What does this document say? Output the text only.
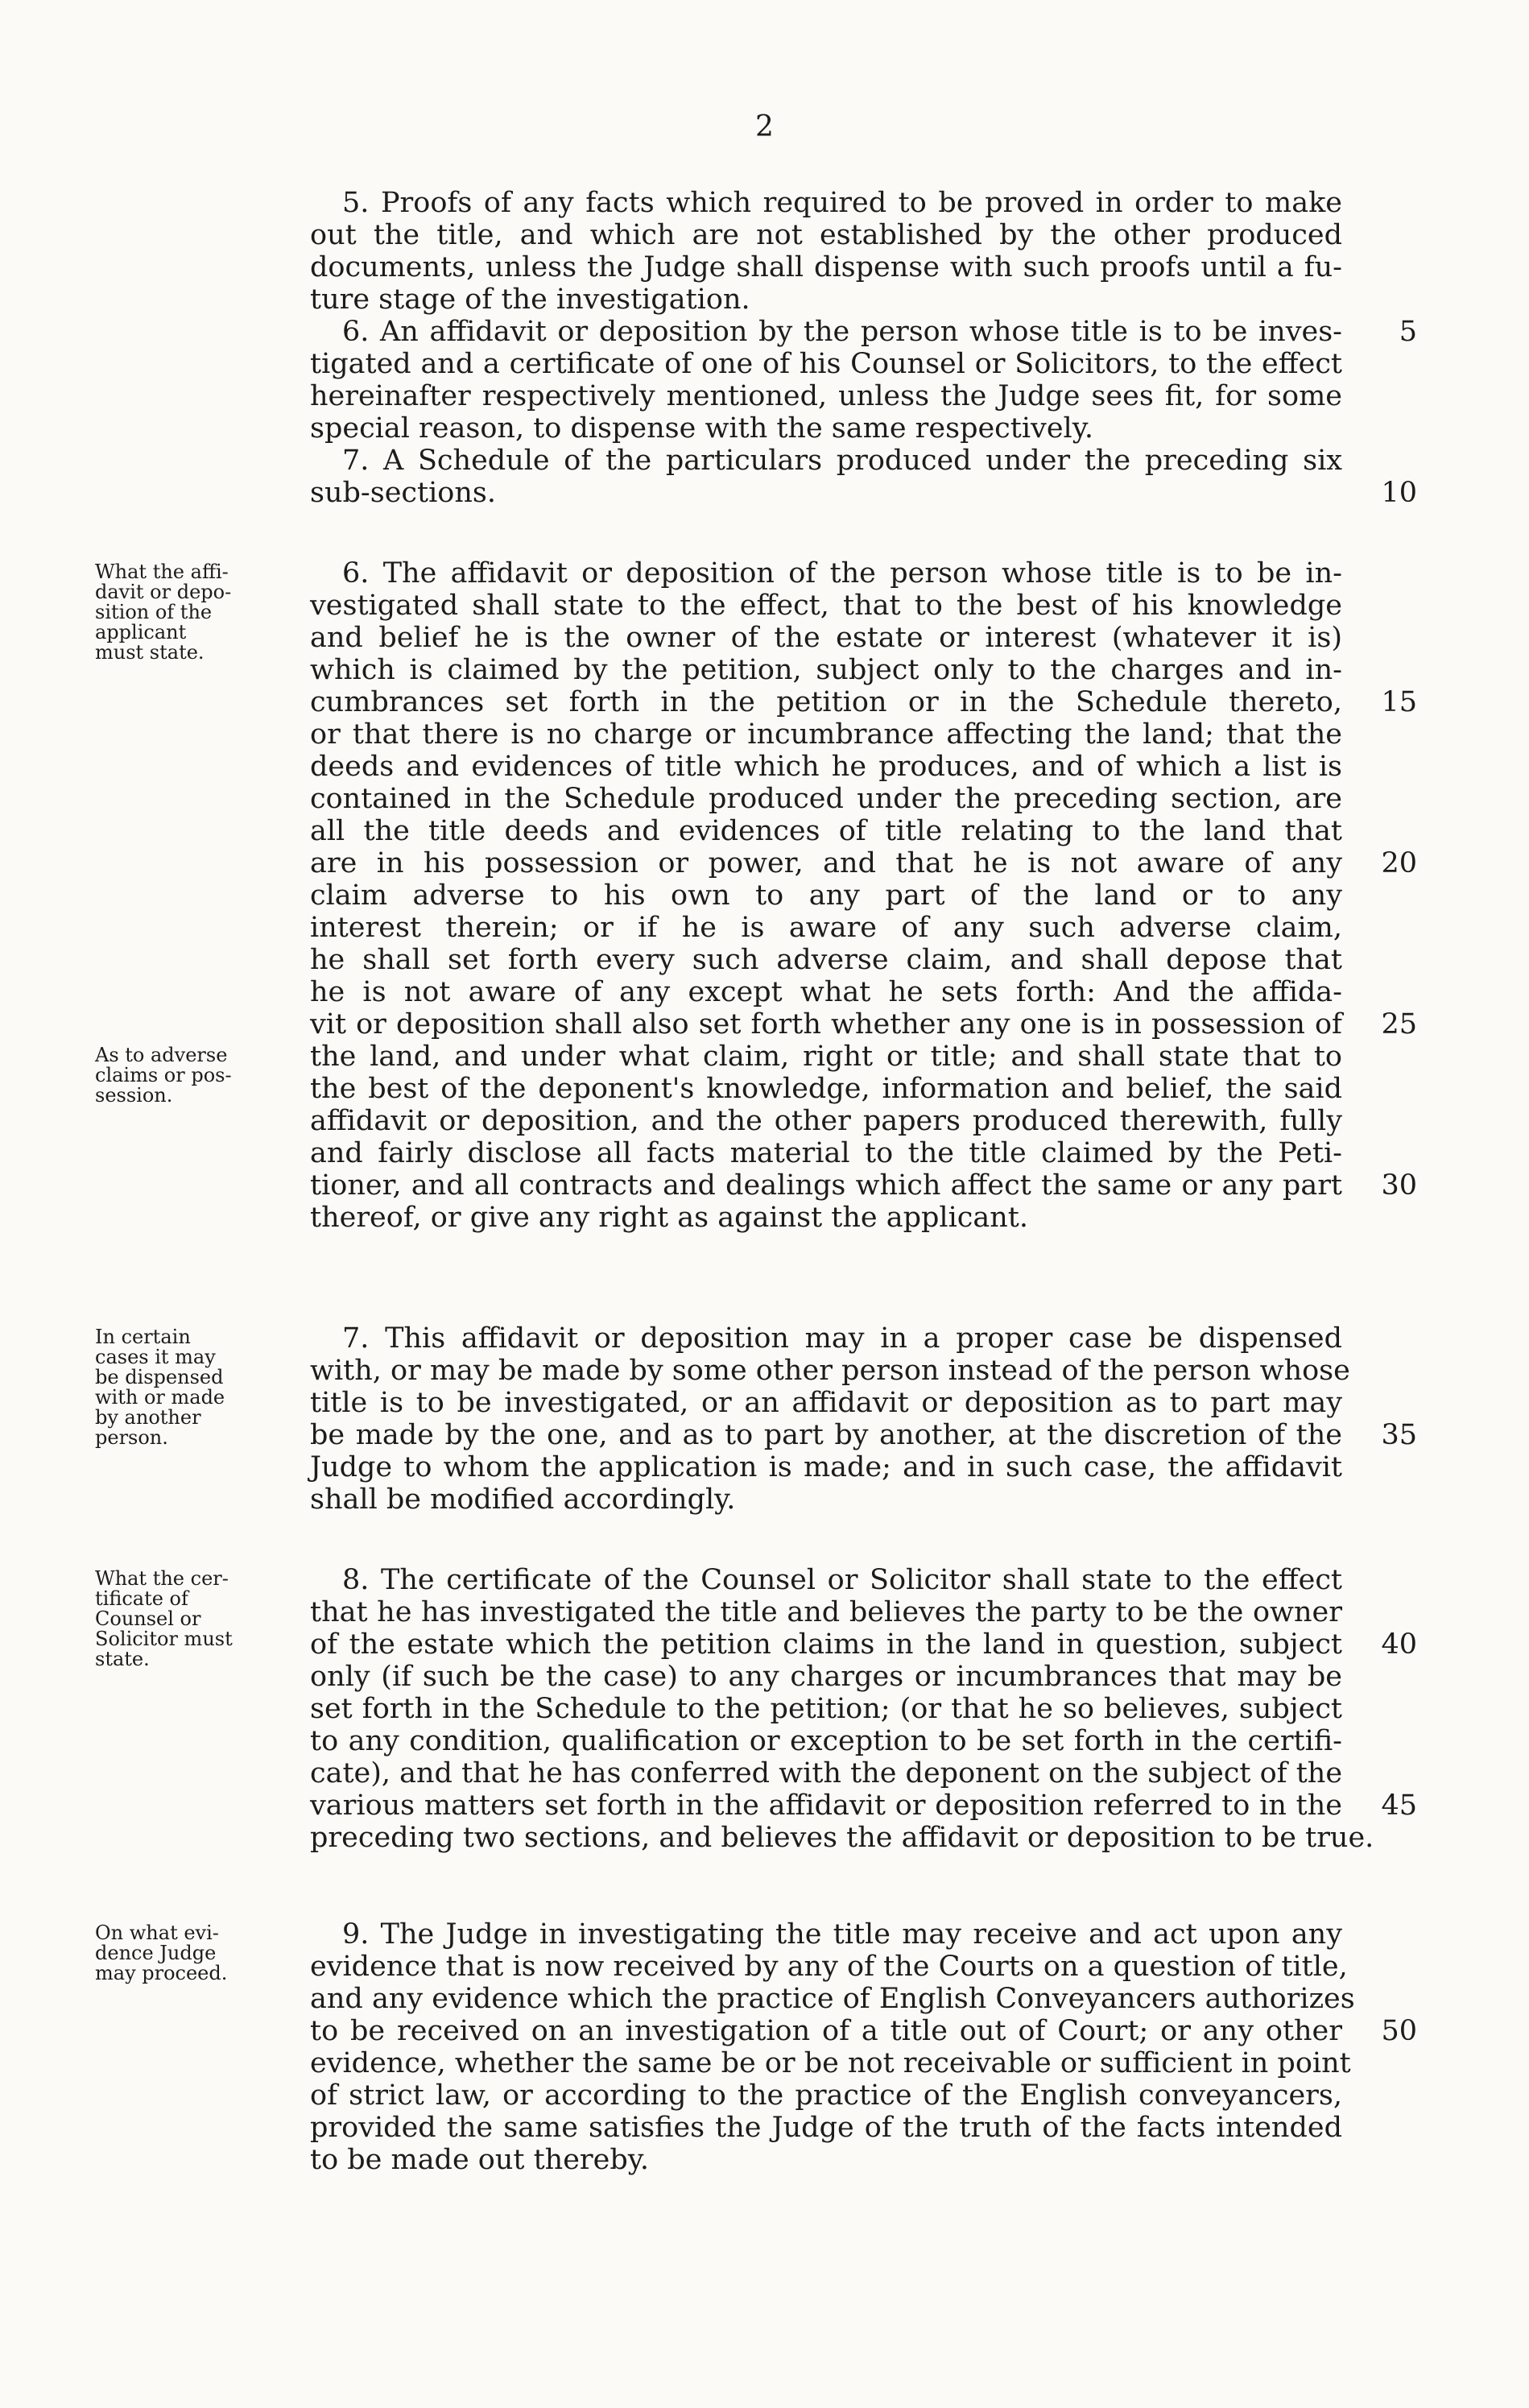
2
5. Proofs of any facts which required to be proved in order to make
out the title, and which are not established by the other produced
documents, unless the Judge shall dispense with such proofs until a fu-
ture stage of the investigation.
6. An affidavit or deposition by the person whose title is to be inves-
tigated and a certificate of one of his Counsel or Solicitors, to the effect
hereinafter respectively mentioned, unless the Judge sees fit, for some
special reason, to dispense with the same respectively.
5
7. A Schedule of the particulars produced under the preceding six
sub-sections.	10
6. The affidavit or deposition of the person whose title is to be in-
vestigated shall state to the effect, that to the best of his knowledge
and belief he is the owner of the estate or interest (whatever it is)
which is claimed by the petition, subject only to the charges and in-
cumbrances set forth in the petition or in the Schedule thereto,
or that there is no charge or incumbrance affecting the land; that the
deeds and evidences of title which he produces, and of which a list is
contained in the Schedule produced under the preceding section, are
all the title deeds and evidences of title relating to the land that
are in his possession or power, and that he is not aware of any
claim adverse to his own to any part of the land or to any
interest therein; or if he is aware of any such adverse claim,
he shall set forth every such adverse claim, and shall depose that
he is not aware of any except what he sets forth: And the affida-
vit or deposition shall also set forth whether any one is in possession of
the land, and under what claim, right or title; and shall state that to
the best of the deponent's knowledge, information and belief, the said
affidavit or deposition, and the other papers produced therewith, fully
and fairly disclose all facts material to the title claimed by the Peti-
tioner, and all contracts and dealings which affect the same or any part
thereof, or give any right as against the applicant.
15
20
25
30
What the affi-
davit or depo-
sition of the
applicant
must state.
As to adverse
claims or pos-
session.
7. This affidavit or deposition may in a proper case be dispensed
with, or may be made by some other person instead of the person whose
title is to be investigated, or an affidavit or deposition as to part may
be made by the one, and as to part by another, at the discretion of the
Judge to whom the application is made; and in such case, the affidavit
shall be modified accordingly.
35
In certain
cases it may
be dispensed
with or made
by another
person.
8. The certificate of the Counsel or Solicitor shall state to the effect
that he has investigated the title and believes the party to be the owner
of the estate which the petition claims in the land in question, subject
only (if such be the case) to any charges or incumbrances that may be
set forth in the Schedule to the petition; (or that he so believes, subject
to any condition, qualification or exception to be set forth in the certifi-
cate), and that he has conferred with the deponent on the subject of the
various matters set forth in the affidavit or deposition referred to in the
preceding two sections, and believes the affidavit or deposition to be true.
40
45
What the cer-
tificate of
Counsel or
Solicitor must
state.
9. The Judge in investigating the title may receive and act upon any
evidence that is now received by any of the Courts on a question of title,
and any evidence which the practice of English Conveyancers authorizes
to be received on an investigation of a title out of Court; or any other
evidence, whether the same be or be not receivable or sufficient in point
of strict law, or according to the practice of the English conveyancers,
provided the same satisfies the Judge of the truth of the facts intended
to be made out thereby.
50
On what evi-
dence Judge
may proceed.
